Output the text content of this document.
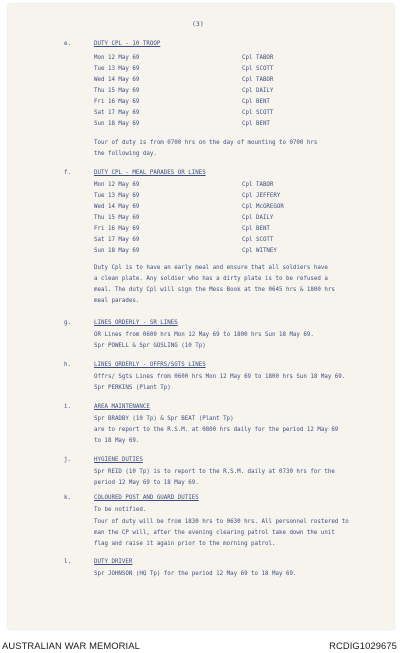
(3)
e.	DUTY CPL - 10 TROOP
Mon 12 May 69	Cpl TABOR
Tue 13 May 69	Cpl SCOTT
Wed 14 May 69	Cpl TABOR
Thu 15 May 69	Cpl DAILY
Fri 16 May 69	Cpl BENT
Sat 17 May 69	Cpl SCOTT
Sun 18 May 69	Cpl BENT
Tour of duty is from 0700 hrs on the day of mounting to 0700 hrs
the following day.
f.	DUTY CPL - MEAL PARADES OR LINES
Mon 12 May 69	Cpl TABOR
Tue 13 May 69	Cpl JEFFERY
Wed 14 May 69	Cpl McGREGOR
Thu 15 May 69	Cpl DAILY
Fri 16 May 69	Cpl BENT
Sat 17 May 69	Cpl SCOTT
Sun 18 May 69	Cpl WITNEY
Duty Cpl is to have an early meal and ensure that all soldiers have
a clean plate. Any soldier who has a dirty plate is to be refused a
meal. The duty Cpl will sign the Mess Book at the 0645 hrs & 1800 hrs
meal parades.
g.	LINES ORDERLY - SR LINES
OR Lines from 0600 hrs Mon 12 May 69 to 1800 hrs Sun 18 May 69.
Spr POWELL & Spr GOSLING (10 Tp)
h.	LINES ORDERLY - OFFRS/SGTS LINES
Offrs/ Sgts Lines from 0600 hrs Mon 12 May 69 to 1800 hrs Sun 18 May 69.
Spr PERKINS (Plant Tp)
i.	AREA MAINTENANCE
Spr BRADBY (10 Tp) & Spr BEAT (Plant Tp)
are to report to the R.S.M. at 0800 hrs daily for the period 12 May 69
to 18 May 69.
j.	HYGIENE DUTIES
Spr REID (10 Tp) is to report to the R.S.M. daily at 0730 hrs for the
period 12 May 69 to 18 May 69.
k.	COLOURED POST AND GUARD DUTIES
To be notified.
Tour of duty will be from 1830 hrs to 0630 hrs. All personnel rostered to
man the CP will, after the evening clearing patrol take down the unit
flag and raise it again prior to the morning patrol.
l.	DUTY DRIVER
Spr JOHNSON (HQ Tp) for the period 12 May 69 to 18 May 69.
AUSTRALIAN WAR MEMORIAL	RCDIG1029675
